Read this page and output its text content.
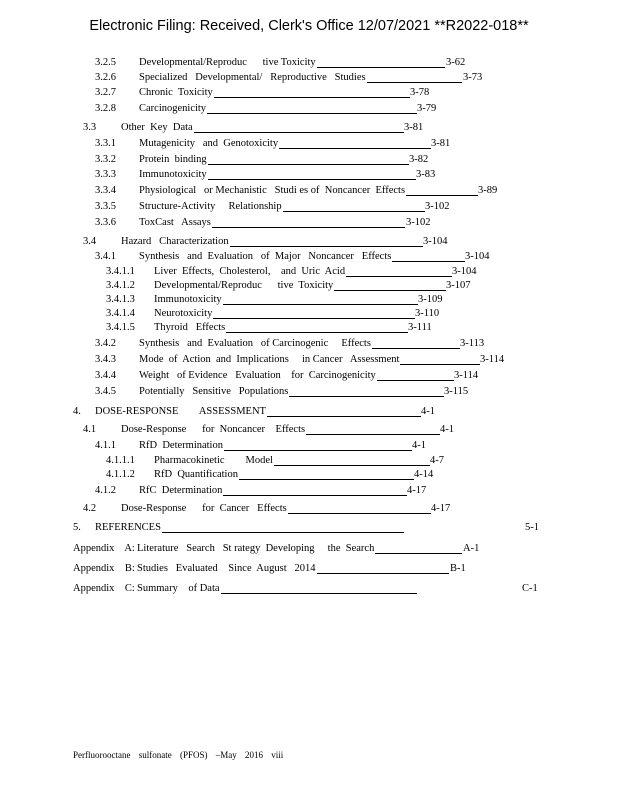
Electronic Filing: Received, Clerk's Office 12/07/2021 **R2022-018**
3.2.5 Developmental/Reproduc      tive Toxicity	3-62
3.2.6 Specialized   Developmental/   Reproductive   Studies	3-73
3.2.7 Chronic  Toxicity	3-78
3.2.8 Carcinogenicity	3-79
3.3 Other  Key  Data	3-81
3.3.1 Mutagenicity   and  Genotoxicity	3-81
3.3.2 Protein  binding	3-82
3.3.3 Immunotoxicity	3-83
3.3.4 Physiological   or Mechanistic   Studi es of  Noncancer  Effects	3-89
3.3.5 Structure-Activity     Relationship	3-102
3.3.6 ToxCast   Assays	3-102
3.4 Hazard   Characterization	3-104
3.4.1 Synthesis   and  Evaluation   of  Major   Noncancer   Effects	3-104
3.4.1.1 Liver  Effects,  Cholesterol,    and  Uric  Acid	3-104
3.4.1.2 Developmental/Reproduc      tive  Toxicity	3-107
3.4.1.3 Immunotoxicity	3-109
3.4.1.4 Neurotoxicity	3-110
3.4.1.5 Thyroid   Effects	3-111
3.4.2 Synthesis   and  Evaluation   of Carcinogenic     Effects	3-113
3.4.3 Mode  of  Action  and  Implications     in Cancer   Assessment	3-114
3.4.4 Weight   of Evidence   Evaluation    for  Carcinogenicity	3-114
3.4.5 Potentially   Sensitive   Populations	3-115
4. DOSE-RESPONSE        ASSESSMENT	4-1
4.1 Dose-Response      for  Noncancer    Effects	4-1
4.1.1 RfD  Determination	4-1
4.1.1.1 Pharmacokinetic        Model	4-7
4.1.1.2 RfD  Quantification	4-14
4.1.2 RfC  Determination	4-17
4.2 Dose-Response      for  Cancer   Effects	4-17
5. REFERENCES	5-1
Appendix    A: Literature   Search   St rategy  Developing     the  Search	A-1
Appendix    B: Studies   Evaluated    Since  August   2014	B-1
Appendix    C: Summary    of Data	C-1
Perfluorooctane sulfonate (PFOS) –May 2016 viii
